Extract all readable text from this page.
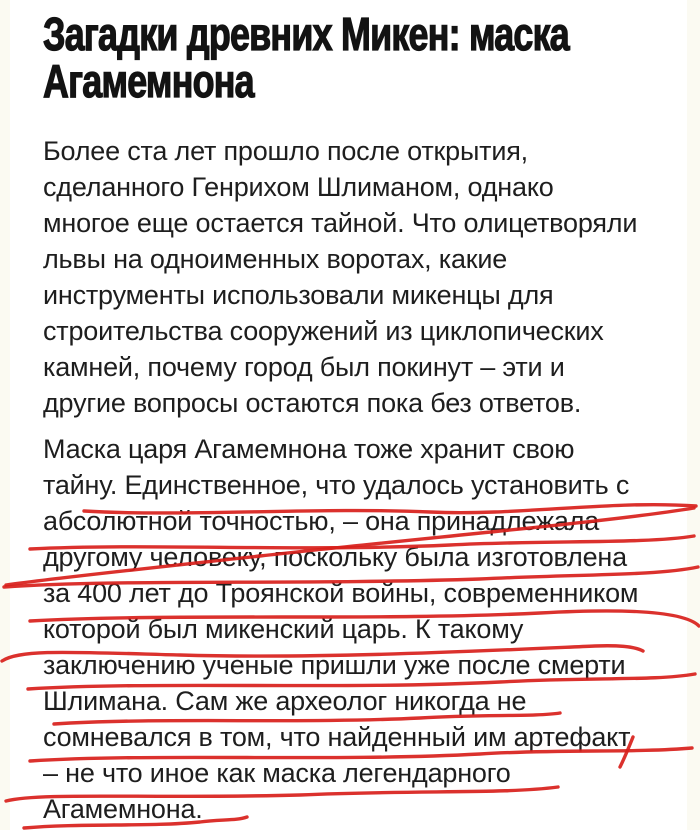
Загадки древних Микен: маска
Агамемнона
Более ста лет прошло после открытия,
сделанного Генрихом Шлиманом, однако
многое еще остается тайной. Что олицетворяли
львы на одноименных воротах, какие
инструменты использовали микенцы для
строительства сооружений из циклопических
камней, почему город был покинут – эти и
другие вопросы остаются пока без ответов.
Маска царя Агамемнона тоже хранит свою
тайну. Единственное, что удалось установить с
абсолютной точностью, – она принадлежала
другому человеку, поскольку была изготовлена
за 400 лет до Троянской войны, современником
которой был микенский царь. К такому
заключению ученые пришли уже после смерти
Шлимана. Сам же археолог никогда не
сомневался в том, что найденный им артефакт
– не что иное как маска легендарного
Агамемнона.
